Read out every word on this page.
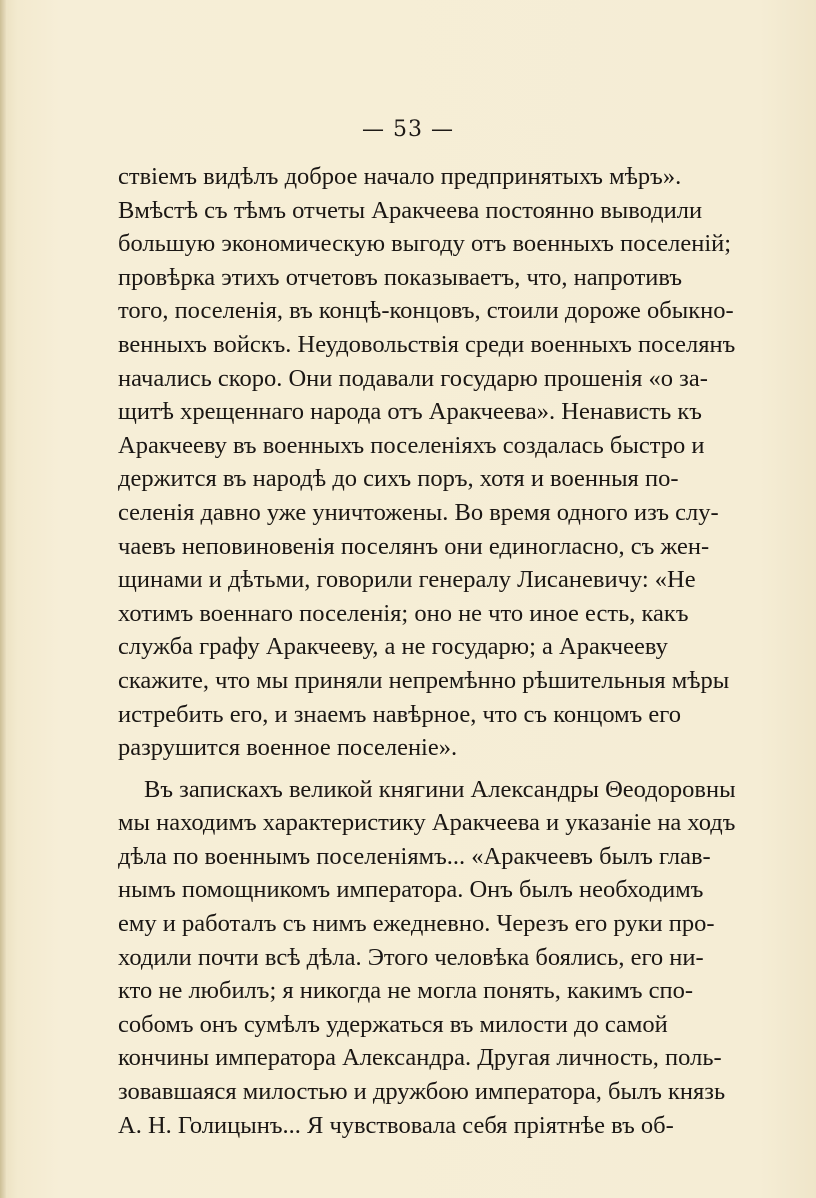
— 53 —
ствіемъ видѣлъ доброе начало предпринятыхъ мѣръ».
Вмѣстѣ съ тѣмъ отчеты Аракчеева постоянно выводили
большую экономическую выгоду отъ военныхъ поселеній;
провѣрка этихъ отчетовъ показываетъ, что, напротивъ
того, поселенія, въ концѣ-концовъ, стоили дороже обыкно-
венныхъ войскъ. Неудовольствія среди военныхъ поселянъ
начались скоро. Они подавали государю прошенія «о за-
щитѣ хрещеннаго народа отъ Аракчеева». Ненависть къ
Аракчееву въ военныхъ поселеніяхъ создалась быстро и
держится въ народѣ до сихъ поръ, хотя и военныя по-
селенія давно уже уничтожены. Во время одного изъ слу-
чаевъ неповиновенія поселянъ они единогласно, съ жен-
щинами и дѣтьми, говорили генералу Лисаневичу: «Не
хотимъ военнаго поселенія; оно не что иное есть, какъ
служба графу Аракчееву, а не государю; а Аракчееву
скажите, что мы приняли непремѣнно рѣшительныя мѣры
истребить его, и знаемъ навѣрное, что съ концомъ его
разрушится военное поселеніе».
Въ запискахъ великой княгини Александры Θеодоровны
мы находимъ характеристику Аракчеева и указаніе на ходъ
дѣла по военнымъ поселеніямъ... «Аракчеевъ былъ глав-
нымъ помощникомъ императора. Онъ былъ необходимъ
ему и работалъ съ нимъ ежедневно. Черезъ его руки про-
ходили почти всѣ дѣла. Этого человѣка боялись, его ни-
кто не любилъ; я никогда не могла понять, какимъ спо-
собомъ онъ сумѣлъ удержаться въ милости до самой
кончины императора Александра. Другая личность, поль-
зовавшаяся милостью и дружбою императора, былъ князь
А. Н. Голицынъ... Я чувствовала себя пріятнѣе въ об-
